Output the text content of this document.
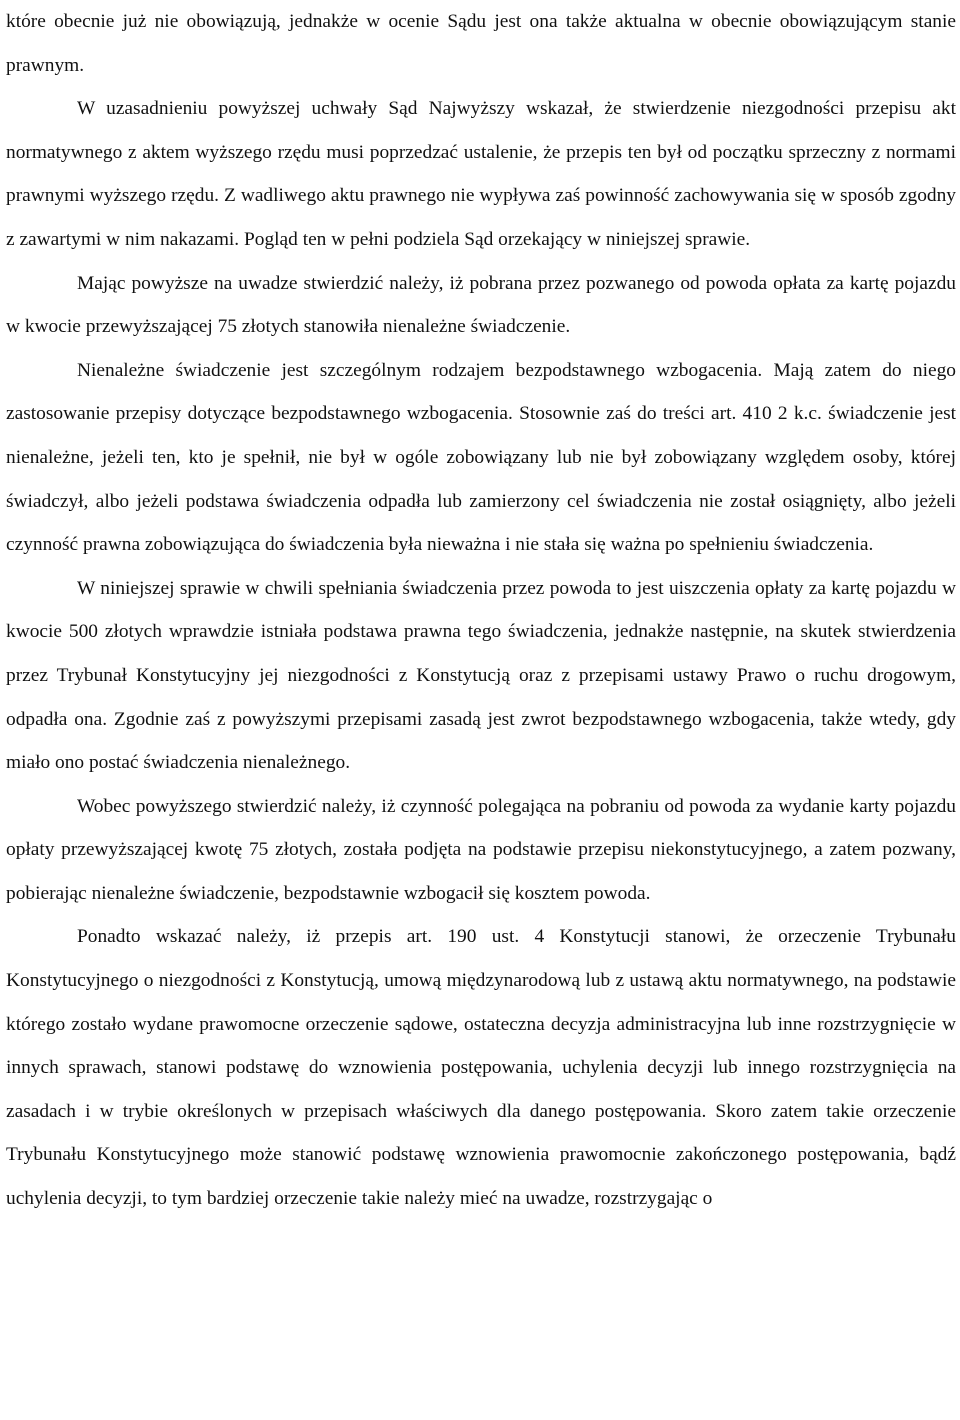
które obecnie już nie obowiązują, jednakże w ocenie Sądu jest ona także aktualna w obecnie obowiązującym stanie prawnym.

W uzasadnieniu powyższej uchwały Sąd Najwyższy wskazał, że stwierdzenie niezgodności przepisu akt normatywnego z aktem wyższego rzędu musi poprzedzać ustalenie, że przepis ten był od początku sprzeczny z normami prawnymi wyższego rzędu. Z wadliwego aktu prawnego nie wypływa zaś powinność zachowywania się w sposób zgodny z zawartymi w nim nakazami. Pogląd ten w pełni podziela Sąd orzekający w niniejszej sprawie.

Mając powyższe na uwadze stwierdzić należy, iż pobrana przez pozwanego od powoda opłata za kartę pojazdu w kwocie przewyższającej 75 złotych stanowiła nienależne świadczenie.

Nienależne świadczenie jest szczególnym rodzajem bezpodstawnego wzbogacenia. Mają zatem do niego zastosowanie przepisy dotyczące bezpodstawnego wzbogacenia. Stosownie zaś do treści art. 410 2 k.c. świadczenie jest nienależne, jeżeli ten, kto je spełnił, nie był w ogóle zobowiązany lub nie był zobowiązany względem osoby, której świadczył, albo jeżeli podstawa świadczenia odpadła lub zamierzony cel świadczenia nie został osiągnięty, albo jeżeli czynność prawna zobowiązująca do świadczenia była nieważna i nie stała się ważna po spełnieniu świadczenia.

W niniejszej sprawie w chwili spełniania świadczenia przez powoda to jest uiszczenia opłaty za kartę pojazdu w kwocie 500 złotych wprawdzie istniała podstawa prawna tego świadczenia, jednakże następnie, na skutek stwierdzenia przez Trybunał Konstytucyjny jej niezgodności z Konstytucją oraz z przepisami ustawy Prawo o ruchu drogowym, odpadła ona. Zgodnie zaś z powyższymi przepisami zasadą jest zwrot bezpodstawnego wzbogacenia, także wtedy, gdy miało ono postać świadczenia nienależnego.

Wobec powyższego stwierdzić należy, iż czynność polegająca na pobraniu od powoda za wydanie karty pojazdu opłaty przewyższającej kwotę 75 złotych, została podjęta na podstawie przepisu niekonstytucyjnego, a zatem pozwany, pobierając nienależne świadczenie, bezpodstawnie wzbogacił się kosztem powoda.

Ponadto wskazać należy, iż przepis art. 190 ust. 4 Konstytucji stanowi, że orzeczenie Trybunału Konstytucyjnego o niezgodności z Konstytucją, umową międzynarodową lub z ustawą aktu normatywnego, na podstawie którego zostało wydane prawomocne orzeczenie sądowe, ostateczna decyzja administracyjna lub inne rozstrzygnięcie w innych sprawach, stanowi podstawę do wznowienia postępowania, uchylenia decyzji lub innego rozstrzygnięcia na zasadach i w trybie określonych w przepisach właściwych dla danego postępowania. Skoro zatem takie orzeczenie Trybunału Konstytucyjnego może stanowić podstawę wznowienia prawomocnie zakończonego postępowania, bądź uchylenia decyzji, to tym bardziej orzeczenie takie należy mieć na uwadze, rozstrzygając o
